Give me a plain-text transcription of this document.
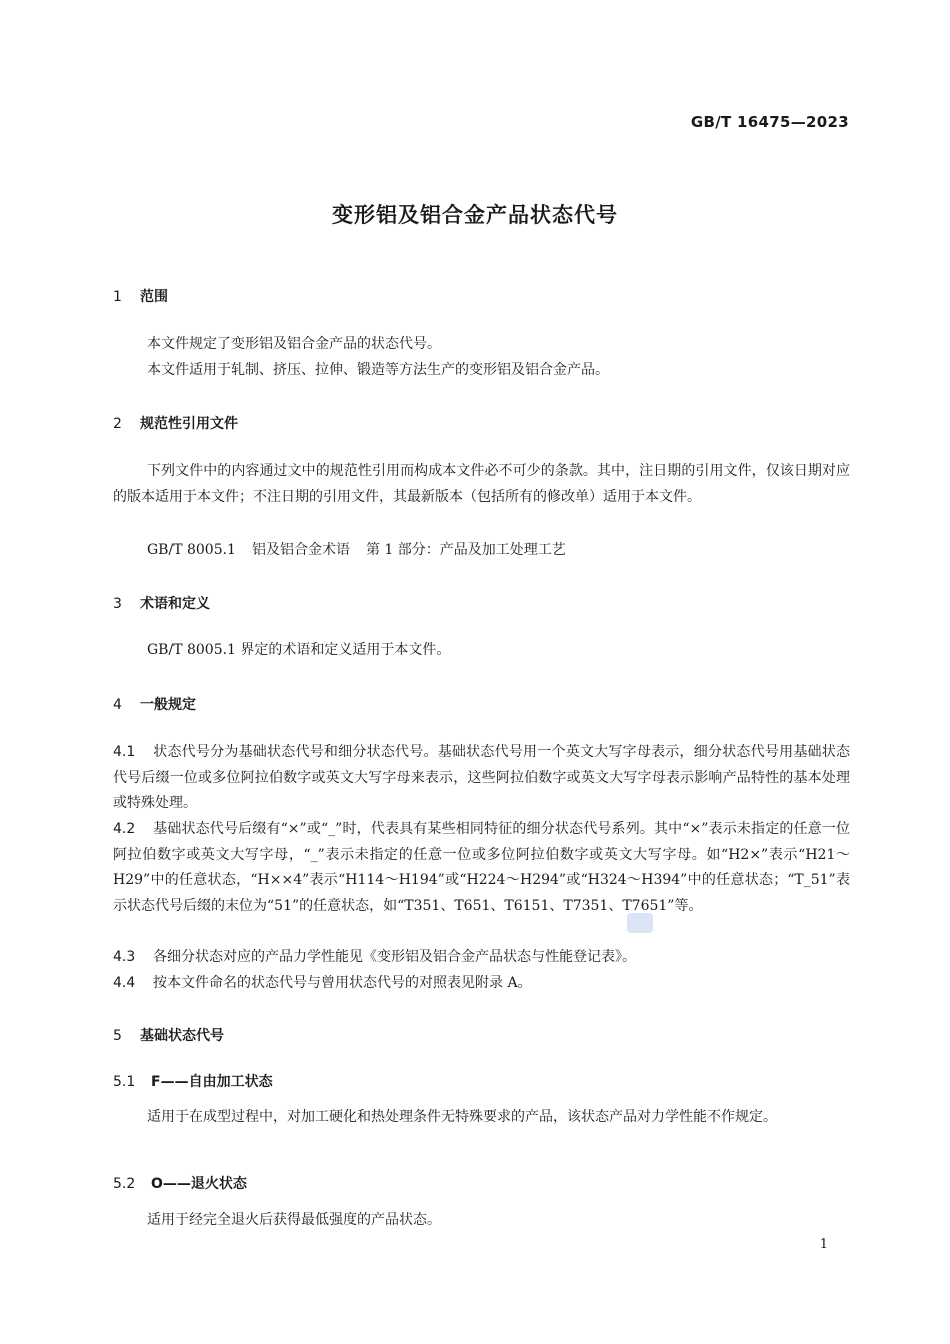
GB/T 16475—2023
变形铝及铝合金产品状态代号
1 范围
本文件规定了变形铝及铝合金产品的状态代号。
本文件适用于轧制、挤压、拉伸、锻造等方法生产的变形铝及铝合金产品。
2 规范性引用文件
下列文件中的内容通过文中的规范性引用而构成本文件必不可少的条款。其中，注日期的引用文件，仅该日期对应的版本适用于本文件；不注日期的引用文件，其最新版本（包括所有的修改单）适用于本文件。
GB/T 8005.1 铝及铝合金术语 第 1 部分：产品及加工处理工艺
3 术语和定义
GB/T 8005.1 界定的术语和定义适用于本文件。
4 一般规定
4.1 状态代号分为基础状态代号和细分状态代号。基础状态代号用一个英文大写字母表示，细分状态代号用基础状态代号后缀一位或多位阿拉伯数字或英文大写字母来表示，这些阿拉伯数字或英文大写字母表示影响产品特性的基本处理或特殊处理。
4.2 基础状态代号后缀有“×”或“_”时，代表具有某些相同特征的细分状态代号系列。其中“×”表示未指定的任意一位阿拉伯数字或英文大写字母，“_”表示未指定的任意一位或多位阿拉伯数字或英文大写字母。如“H2×”表示“H21～H29”中的任意状态，“H××4”表示“H114～H194”或“H224～H294”或“H324～H394”中的任意状态；“T_51”表示状态代号后缀的末位为“51”的任意状态，如“T351、T651、T6151、T7351、T7651”等。
4.3 各细分状态对应的产品力学性能见《变形铝及铝合金产品状态与性能登记表》。
4.4 按本文件命名的状态代号与曾用状态代号的对照表见附录 A。
5 基础状态代号
5.1 F——自由加工状态
适用于在成型过程中，对加工硬化和热处理条件无特殊要求的产品，该状态产品对力学性能不作规定。
5.2 O——退火状态
适用于经完全退火后获得最低强度的产品状态。
1
